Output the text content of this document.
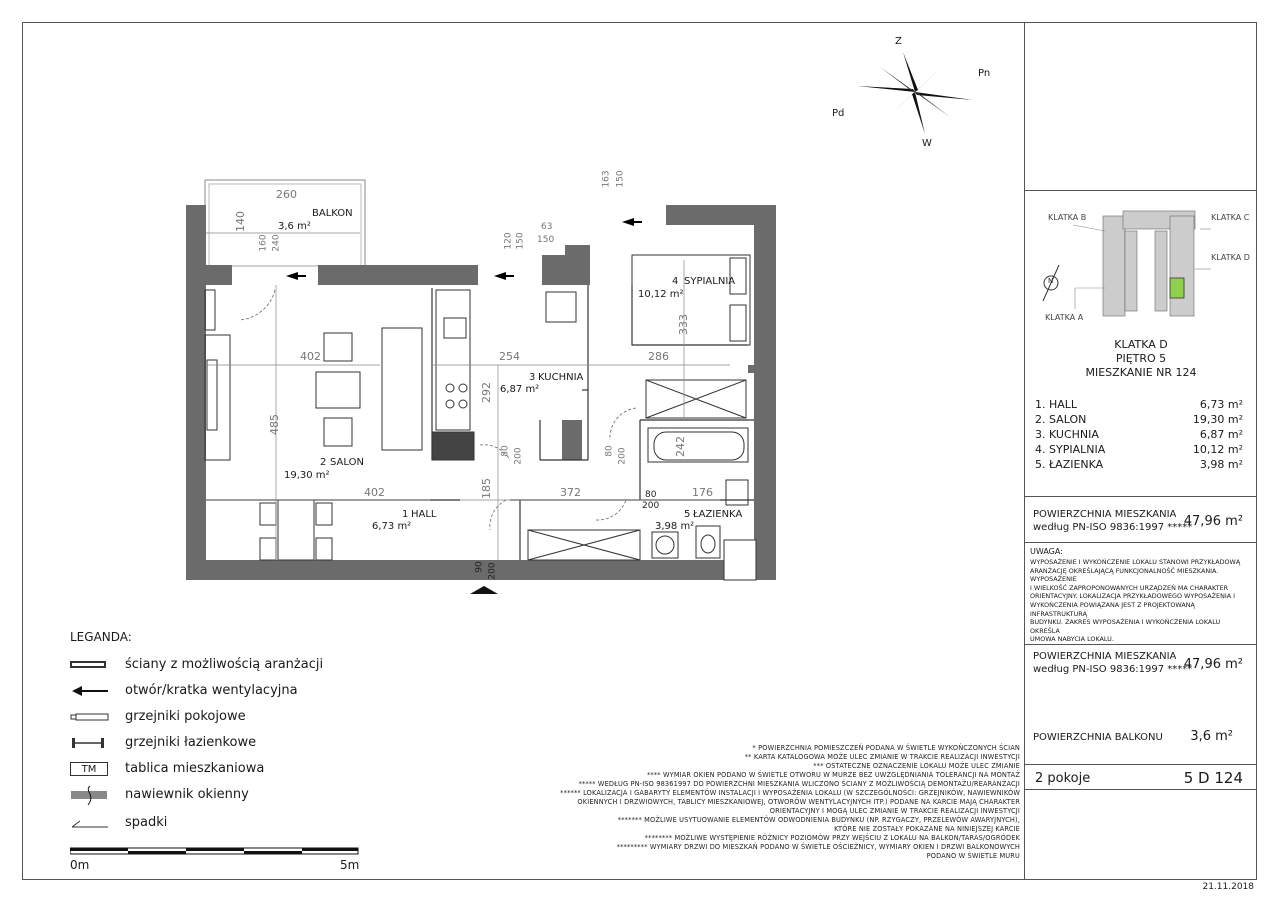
Z
Pn
Pd
W
260
140
160 240	120 150
63
150
163 150
402	254	286
333
485
292
80 200	80 200
402	185	372	176
80
200
242
90 200
BALKON
3,6 m²
4 SYPIALNIA
10,12 m²
3 KUCHNIA
6,87 m²
2 SALON
19,30 m²
1 HALL
6,73 m²
5 ŁAZIENKA
3,98 m²
LEGANDA:
ściany z możliwością aranżacji
otwór/kratka wentylacyjna
grzejniki pokojowe
grzejniki łazienkowe
TM	tablica mieszkaniowa
nawiewnik okienny
spadki
0m	5m
* POWIERZCHNIA POMIESZCZEŃ PODANA W ŚWIETLE WYKOŃCZONYCH ŚCIAN
** KARTA KATALOGOWA MOŻE ULEC ZMIANIE W TRAKCIE REALIZACJI INWESTYCJI
*** OSTATECZNE OZNACZENIE LOKALU MOŻE ULEC ZMIANIE
**** WYMIAR OKIEN PODANO W ŚWIETLE OTWORU W MURZE BEZ UWZGLĘDNIANIA TOLERANCJI NA MONTAŻ
***** WEDŁUG PN-ISO 98361997 DO POWIERZCHNI MIESZKANIA WLICZONO ŚCIANY Z MOŻLIWOŚCIĄ DEMONTAŻU/REARANŻACJI
****** LOKALIZACJA I GABARYTY ELEMENTÓW INSTALACJI I WYPOSAŻENIA LOKALU (W SZCZEGÓLNOŚCI: GRZEJNIKÓW, NAWIEWNIKÓW
OKIENNYCH I DRZWIOWYCH, TABLICY MIESZKANIOWEJ, OTWORÓW WENTYLACYJNYCH ITP.) PODANE NA KARCIE MAJĄ CHARAKTER
ORIENTACYJNY I MOGĄ ULEC ZMIANIE W TRAKCIE REALIZACJI INWESTYCJI
******* MOŻLIWE USYTUOWANIE ELEMENTÓW ODWODNIENIA BUDYNKU (NP. RZYGACZY, PRZELEWÓW AWARYJNYCH),
KTÓRE NIE ZOSTAŁY POKAZANE NA NINIEJSZEJ KARCIE
******** MOŻLIWE WYSTĘPIENIE RÓŻNICY POZIOMÓW PRZY WEJŚCIU Z LOKALU NA BALKON/TARAS/OGRÓDEK
********* WYMIARY DRZWI DO MIESZKAŃ PODANO W ŚWIETLE OŚCIEŻNICY, WYMIARY OKIEN I DRZWI BALKONOWYCH
PODANO W ŚWIETLE MURU
KLATKA B	KLATKA C
KLATKA D
KLATKA A
N
KLATKA D
PIĘTRO 5
MIESZKANIE NR 124
1. HALL	6,73 m²
2. SALON	19,30 m²
3. KUCHNIA	6,87 m²
4. SYPIALNIA	10,12 m²
5. ŁAZIENKA	3,98 m²
POWIERZCHNIA MIESZKANIA
według PN-ISO 9836:1997 *****
47,96 m²
UWAGA:
WYPOSAŻENIE I WYKOŃCZENIE LOKALU STANOWI PRZYKŁADOWĄ
ARANŻACJĘ OKREŚLAJĄCĄ FUNKCJONALNOŚĆ MIESZKANIA. WYPOSAŻENIE
I WIELKOŚĆ ZAPROPONOWANYCH URZĄDZEŃ MA CHARAKTER
ORIENTACYJNY. LOKALIZACJA PRZYKŁADOWEGO WYPOSAŻENIA I
WYKOŃCZENIA POWIĄZANA JEST Z PROJEKTOWANĄ INFRASTRUKTURĄ
BUDYNKU. ZAKRES WYPOSAŻENIA I WYKOŃCZENIA LOKALU OKREŚLA
UMOWA NABYCIA LOKALU.
POWIERZCHNIA MIESZKANIA
według PN-ISO 9836:1997 *****
47,96 m²
POWIERZCHNIA BALKONU 3,6 m²
2 pokoje	5 D 124
21.11.2018
